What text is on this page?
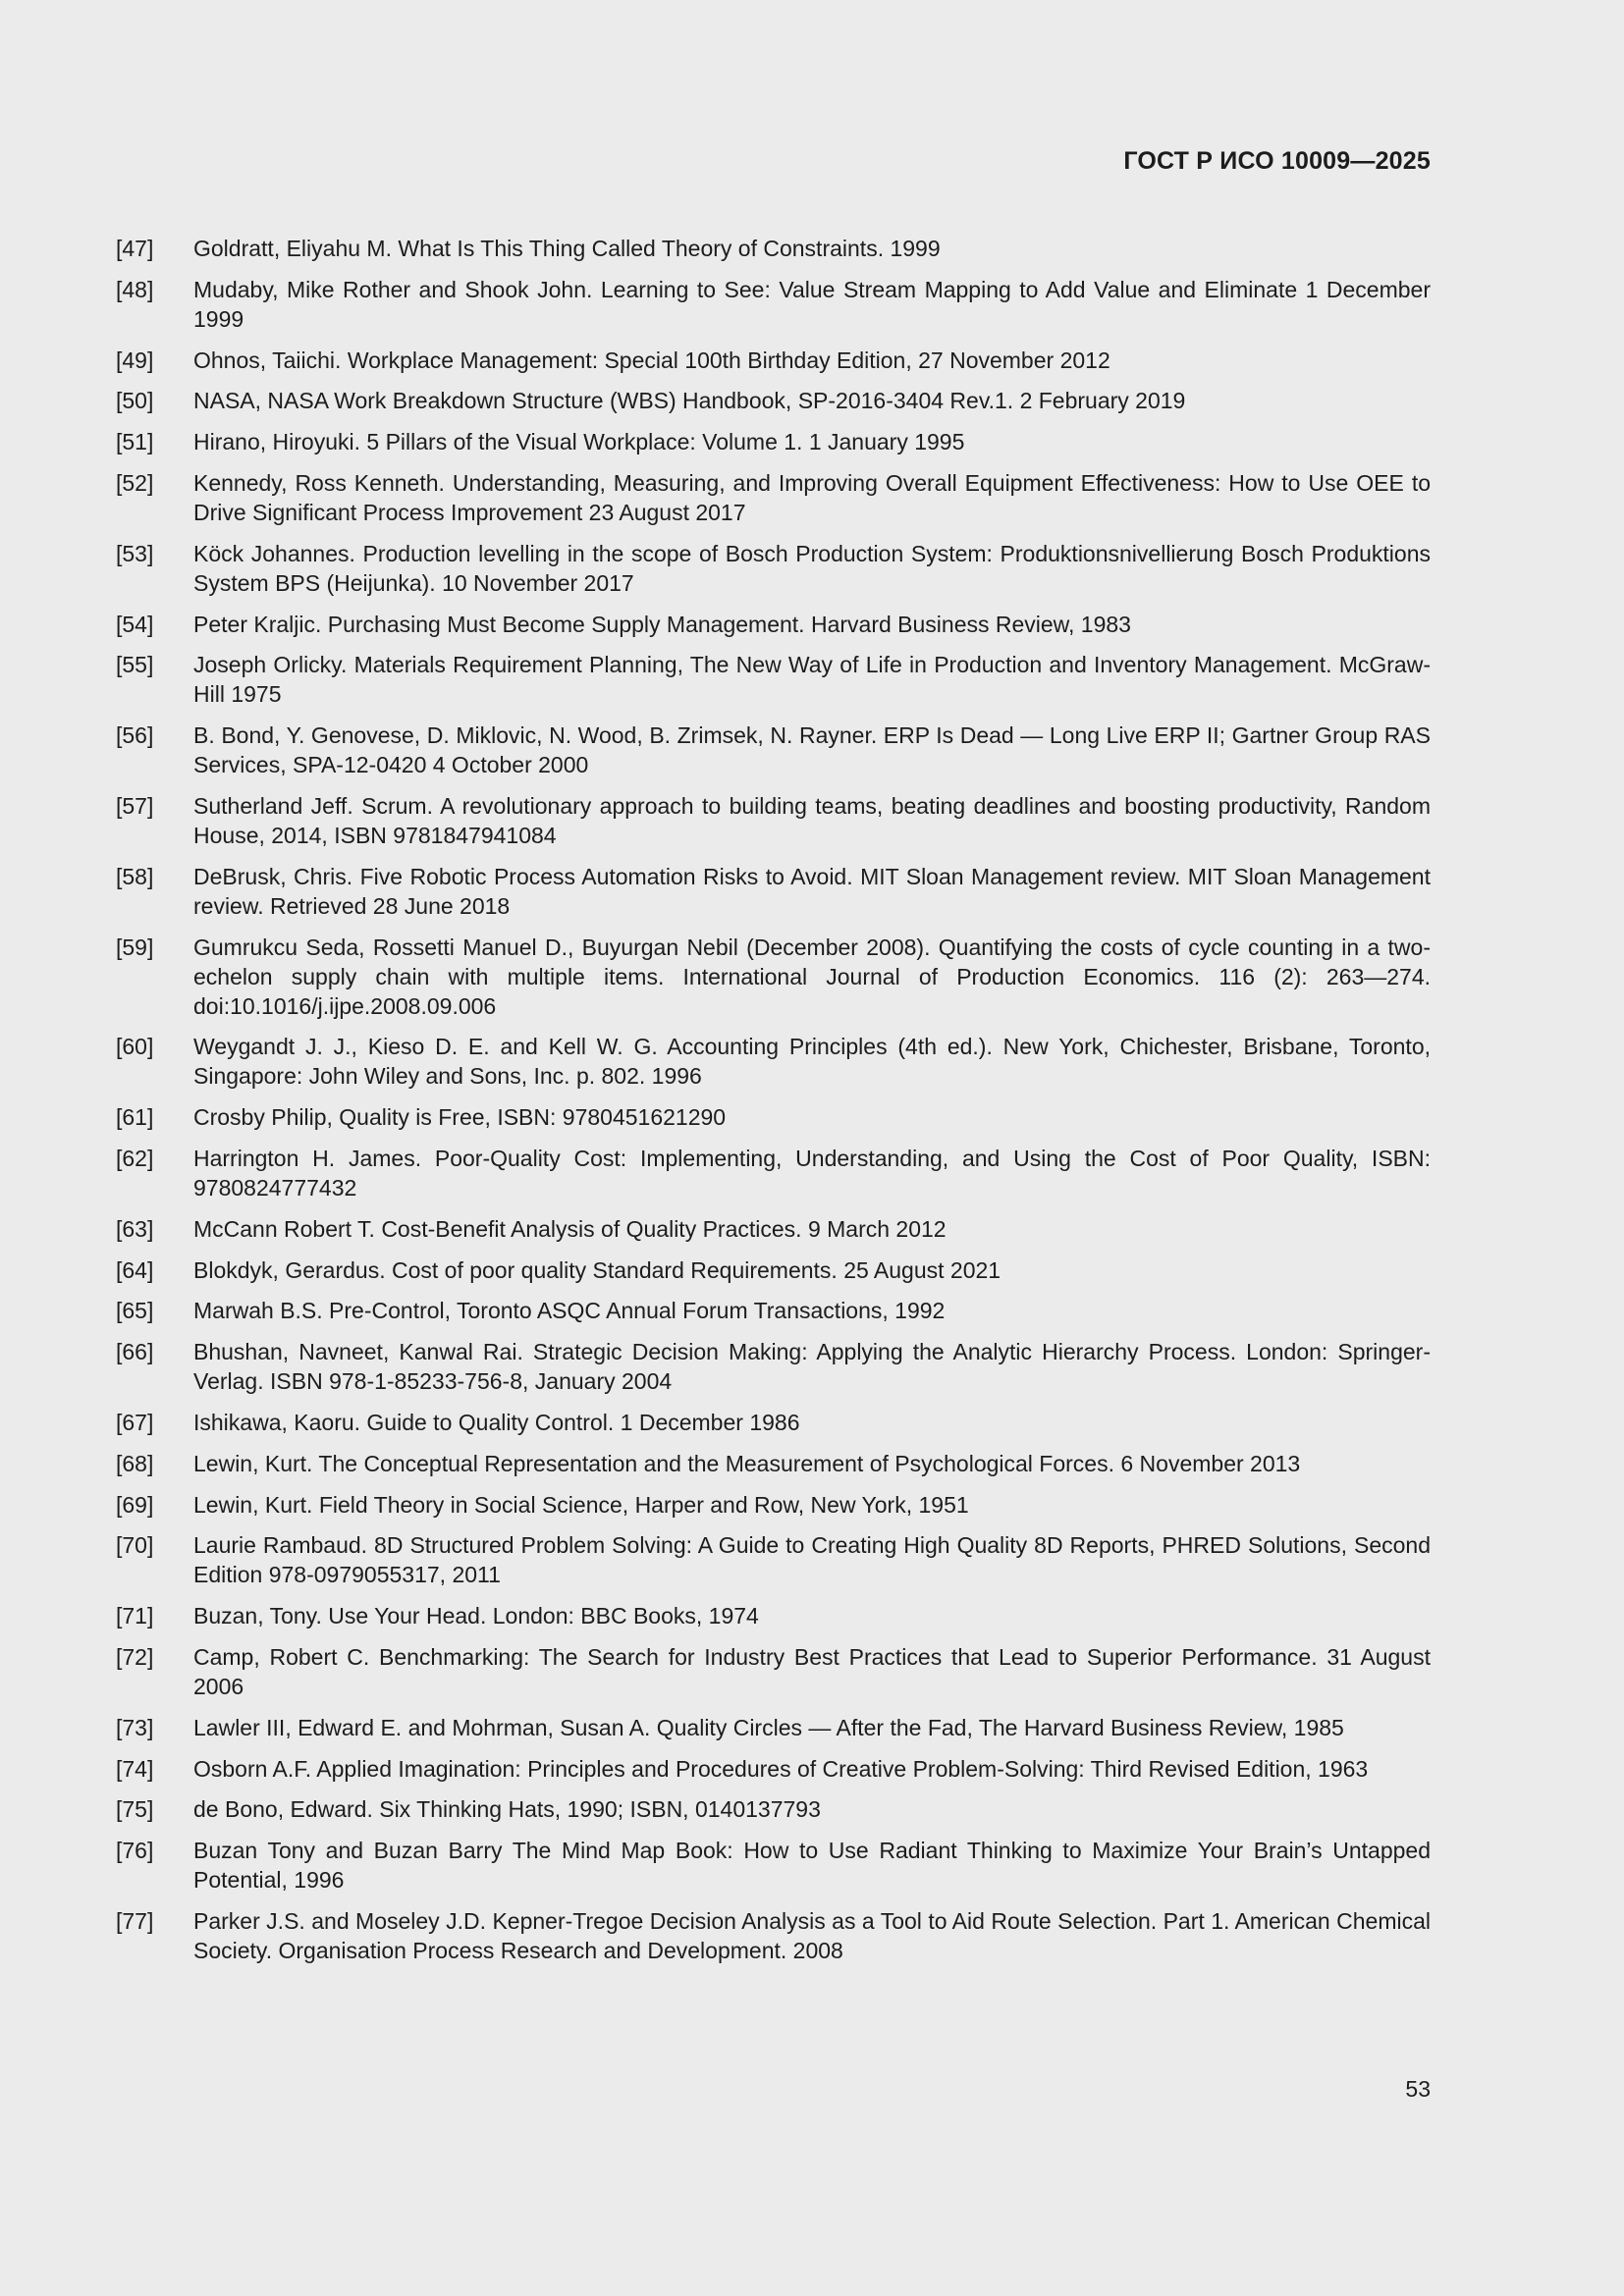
ГОСТ Р ИСО 10009—2025
[47]	Goldratt, Eliyahu M. What Is This Thing Called Theory of Constraints. 1999
[48]	Mudaby, Mike Rother and Shook John. Learning to See: Value Stream Mapping to Add Value and Eliminate 1 December 1999
[49]	Ohnos, Taiichi. Workplace Management: Special 100th Birthday Edition, 27 November 2012
[50]	NASA, NASA Work Breakdown Structure (WBS) Handbook, SP-2016-3404 Rev.1. 2 February 2019
[51]	Hirano, Hiroyuki. 5 Pillars of the Visual Workplace: Volume 1. 1 January 1995
[52]	Kennedy, Ross Kenneth. Understanding, Measuring, and Improving Overall Equipment Effectiveness: How to Use OEE to Drive Significant Process Improvement 23 August 2017
[53]	Köck Johannes. Production levelling in the scope of Bosch Production System: Produktionsnivellierung Bosch Produktions System BPS (Heijunka). 10 November 2017
[54]	Peter Kraljic. Purchasing Must Become Supply Management. Harvard Business Review, 1983
[55]	Joseph Orlicky. Materials Requirement Planning, The New Way of Life in Production and Inventory Management. McGraw-Hill 1975
[56]	B. Bond, Y. Genovese, D. Miklovic, N. Wood, B. Zrimsek, N. Rayner. ERP Is Dead — Long Live ERP II; Gartner Group RAS Services, SPA-12-0420 4 October 2000
[57]	Sutherland Jeff. Scrum. A revolutionary approach to building teams, beating deadlines and boosting productivity, Random House, 2014, ISBN 9781847941084
[58]	DeBrusk, Chris. Five Robotic Process Automation Risks to Avoid. MIT Sloan Management review. MIT Sloan Management review. Retrieved 28 June 2018
[59]	Gumrukcu Seda, Rossetti Manuel D., Buyurgan Nebil (December 2008). Quantifying the costs of cycle counting in a two-echelon supply chain with multiple items. International Journal of Production Economics. 116 (2): 263—274. doi:10.1016/j.ijpe.2008.09.006
[60]	Weygandt J. J., Kieso D. E. and Kell W. G. Accounting Principles (4th ed.). New York, Chichester, Brisbane, Toronto, Singapore: John Wiley and Sons, Inc. p. 802. 1996
[61]	Crosby Philip, Quality is Free, ISBN: 9780451621290
[62]	Harrington H. James. Poor-Quality Cost: Implementing, Understanding, and Using the Cost of Poor Quality, ISBN: 9780824777432
[63]	McCann Robert T. Cost-Benefit Analysis of Quality Practices. 9 March 2012
[64]	Blokdyk, Gerardus. Cost of poor quality Standard Requirements. 25 August 2021
[65]	Marwah B.S. Pre-Control, Toronto ASQC Annual Forum Transactions, 1992
[66]	Bhushan, Navneet, Kanwal Rai. Strategic Decision Making: Applying the Analytic Hierarchy Process. London: Springer-Verlag. ISBN 978-1-85233-756-8, January 2004
[67]	Ishikawa, Kaoru. Guide to Quality Control. 1 December 1986
[68]	Lewin, Kurt. The Conceptual Representation and the Measurement of Psychological Forces. 6 November 2013
[69]	Lewin, Kurt. Field Theory in Social Science, Harper and Row, New York, 1951
[70]	Laurie Rambaud. 8D Structured Problem Solving: A Guide to Creating High Quality 8D Reports, PHRED Solutions, Second Edition 978-0979055317, 2011
[71]	Buzan, Tony. Use Your Head. London: BBC Books, 1974
[72]	Camp, Robert C. Benchmarking: The Search for Industry Best Practices that Lead to Superior Performance. 31 August 2006
[73]	Lawler III, Edward E. and Mohrman, Susan A. Quality Circles — After the Fad, The Harvard Business Review, 1985
[74]	Osborn A.F. Applied Imagination: Principles and Procedures of Creative Problem-Solving: Third Revised Edition, 1963
[75]	de Bono, Edward. Six Thinking Hats, 1990; ISBN, 0140137793
[76]	Buzan Tony and Buzan Barry The Mind Map Book: How to Use Radiant Thinking to Maximize Your Brain’s Untapped Potential, 1996
[77]	Parker J.S. and Moseley J.D. Kepner-Tregoe Decision Analysis as a Tool to Aid Route Selection. Part 1. American Chemical Society. Organisation Process Research and Development. 2008
53
